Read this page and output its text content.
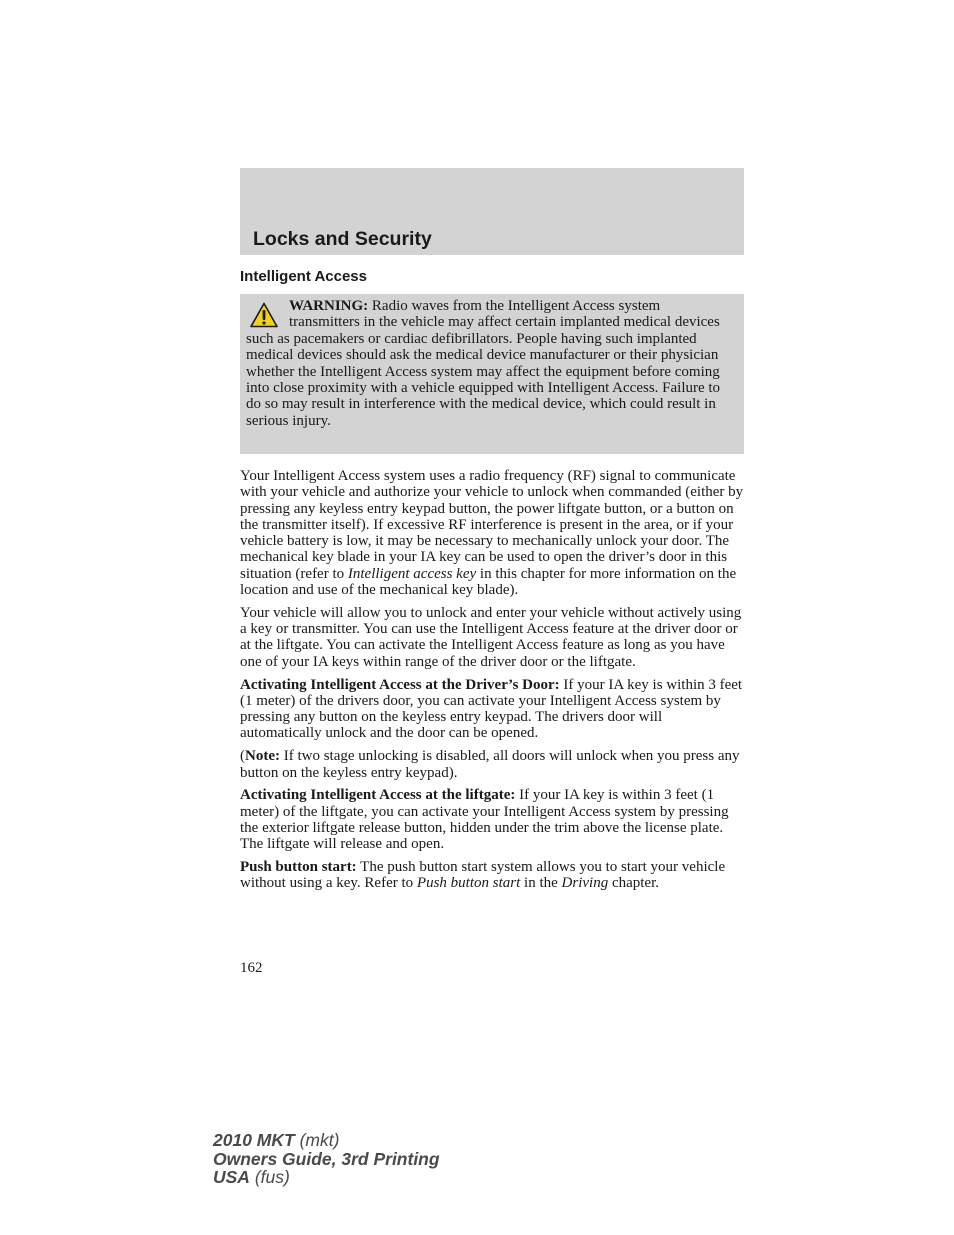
Locks and Security
Intelligent Access
WARNING: Radio waves from the Intelligent Access system
transmitters in the vehicle may affect certain implanted medical devices such as pacemakers or cardiac defibrillators. People having such implanted medical devices should ask the medical device manufacturer or their physician whether the Intelligent Access system may affect the equipment before coming into close proximity with a vehicle equipped with Intelligent Access. Failure to do so may result in interference with the medical device, which could result in serious injury.

Your Intelligent Access system uses a radio frequency (RF) signal to communicate with your vehicle and authorize your vehicle to unlock when commanded (either by pressing any keyless entry keypad button, the power liftgate button, or a button on the transmitter itself). If excessive RF interference is present in the area, or if your vehicle battery is low, it may be necessary to mechanically unlock your door. The mechanical key blade in your IA key can be used to open the driver’s door in this situation (refer to Intelligent access key in this chapter for more information on the location and use of the mechanical key blade).

Your vehicle will allow you to unlock and enter your vehicle without actively using a key or transmitter. You can use the Intelligent Access feature at the driver door or at the liftgate. You can activate the Intelligent Access feature as long as you have one of your IA keys within range of the driver door or the liftgate.

Activating Intelligent Access at the Driver’s Door: If your IA key is within 3 feet (1 meter) of the drivers door, you can activate your Intelligent Access system by pressing any button on the keyless entry keypad. The drivers door will automatically unlock and the door can be opened.

(Note: If two stage unlocking is disabled, all doors will unlock when you press any button on the keyless entry keypad).

Activating Intelligent Access at the liftgate: If your IA key is within 3 feet (1 meter) of the liftgate, you can activate your Intelligent Access system by pressing the exterior liftgate release button, hidden under the trim above the license plate. The liftgate will release and open.

Push button start: The push button start system allows you to start your vehicle without using a key. Refer to Push button start in the Driving chapter.

162
2010 MKT (mkt)
Owners Guide, 3rd Printing
USA (fus)
